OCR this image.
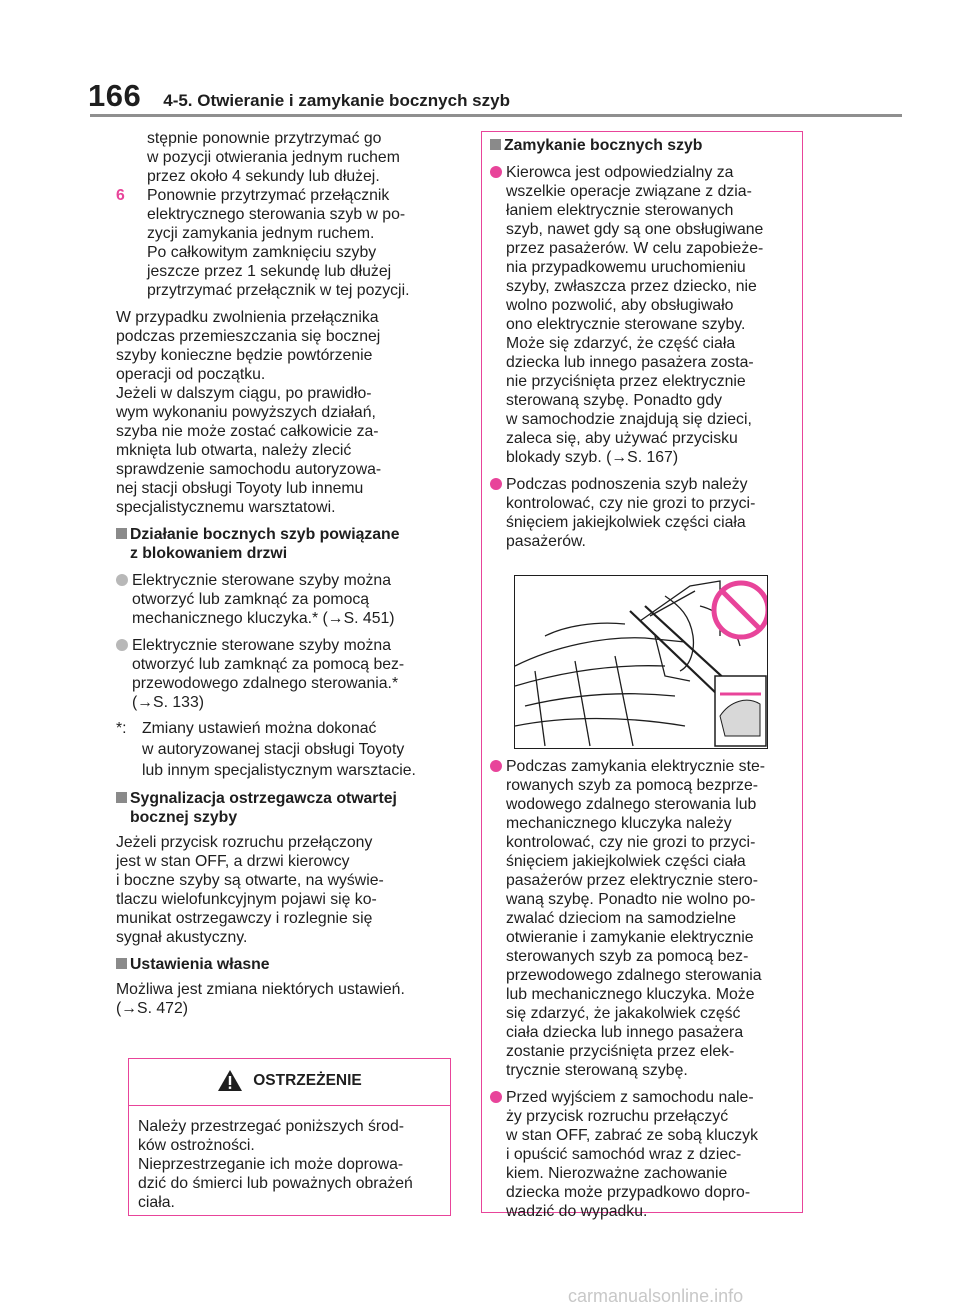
166 4-5. Otwieranie i zamykanie bocznych szyb
stępnie ponownie przytrzymać go
w pozycji otwierania jednym ruchem
przez około 4 sekundy lub dłużej.
6	Ponownie przytrzymać przełącznik
elektrycznego sterowania szyb w po-
zycji zamykania jednym ruchem.
Po całkowitym zamknięciu szyby
jeszcze przez 1 sekundę lub dłużej
przytrzymać przełącznik w tej pozycji.
W przypadku zwolnienia przełącznika
podczas przemieszczania się bocznej
szyby konieczne będzie powtórzenie
operacji od początku.
Jeżeli w dalszym ciągu, po prawidło-
wym wykonaniu powyższych działań,
szyba nie może zostać całkowicie za-
mknięta lub otwarta, należy zlecić
sprawdzenie samochodu autoryzowa-
nej stacji obsługi Toyoty lub innemu
specjalistycznemu warsztatowi.
Działanie bocznych szyb powiązane
z blokowaniem drzwi
Elektrycznie sterowane szyby można
otworzyć lub zamknąć za pomocą
mechanicznego kluczyka.* (→S. 451)
Elektrycznie sterowane szyby można
otworzyć lub zamknąć za pomocą bez-
przewodowego zdalnego sterowania.*
(→S. 133)
*: Zmiany ustawień można dokonać
w autoryzowanej stacji obsługi Toyoty
lub innym specjalistycznym warsztacie.
Sygnalizacja ostrzegawcza otwartej
bocznej szyby
Jeżeli przycisk rozruchu przełączony
jest w stan OFF, a drzwi kierowcy
i boczne szyby są otwarte, na wyświe-
tlaczu wielofunkcyjnym pojawi się ko-
munikat ostrzegawczy i rozlegnie się
sygnał akustyczny.
Ustawienia własne
Możliwa jest zmiana niektórych ustawień.
(→S. 472)
OSTRZEŻENIE
Należy przestrzegać poniższych środ-
ków ostrożności.
Nieprzestrzeganie ich może doprowa-
dzić do śmierci lub poważnych obrażeń
ciała.
Zamykanie bocznych szyb
Kierowca jest odpowiedzialny za
wszelkie operacje związane z dzia-
łaniem elektrycznie sterowanych
szyb, nawet gdy są one obsługiwane
przez pasażerów. W celu zapobieże-
nia przypadkowemu uruchomieniu
szyby, zwłaszcza przez dziecko, nie
wolno pozwolić, aby obsługiwało
ono elektrycznie sterowane szyby.
Może się zdarzyć, że część ciała
dziecka lub innego pasażera zosta-
nie przyciśnięta przez elektrycznie
sterowaną szybę. Ponadto gdy
w samochodzie znajdują się dzieci,
zaleca się, aby używać przycisku
blokady szyb. (→S. 167)
Podczas podnoszenia szyb należy
kontrolować, czy nie grozi to przyci-
śnięciem jakiejkolwiek części ciała
pasażerów.
Podczas zamykania elektrycznie ste-
rowanych szyb za pomocą bezprze-
wodowego zdalnego sterowania lub
mechanicznego kluczyka należy
kontrolować, czy nie grozi to przyci-
śnięciem jakiejkolwiek części ciała
pasażerów przez elektrycznie stero-
waną szybę. Ponadto nie wolno po-
zwalać dzieciom na samodzielne
otwieranie i zamykanie elektrycznie
sterowanych szyb za pomocą bez-
przewodowego zdalnego sterowania
lub mechanicznego kluczyka. Może
się zdarzyć, że jakakolwiek część
ciała dziecka lub innego pasażera
zostanie przyciśnięta przez elek-
trycznie sterowaną szybę.
Przed wyjściem z samochodu nale-
ży przycisk rozruchu przełączyć
w stan OFF, zabrać ze sobą kluczyk
i opuścić samochód wraz z dziec-
kiem. Nierozważne zachowanie
dziecka może przypadkowo dopro-
wadzić do wypadku.
carmanualsonline.info
